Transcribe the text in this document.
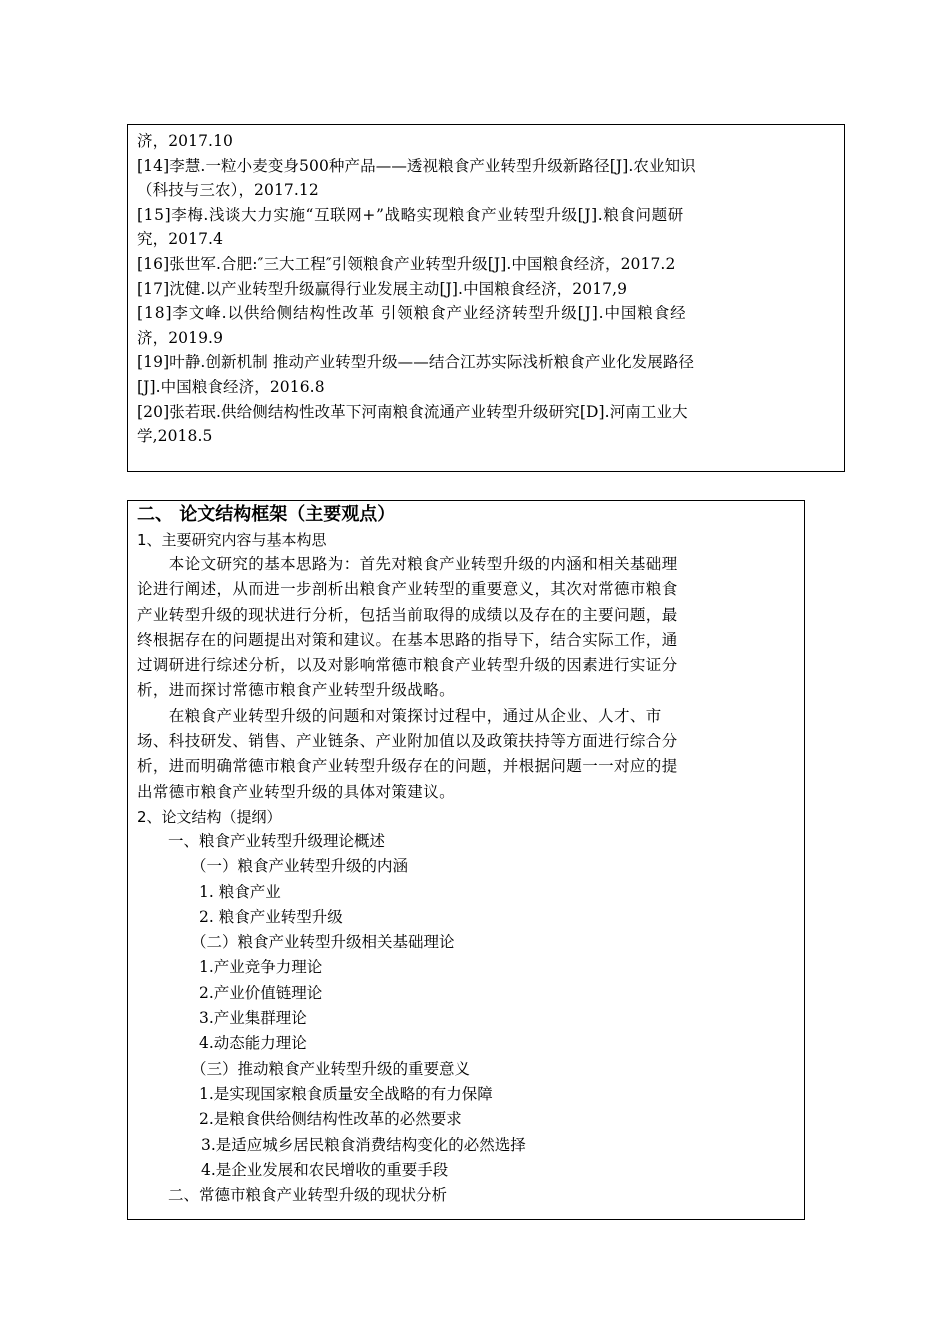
济，2017.10
[14]李慧.一粒小麦变身500种产品——透视粮食产业转型升级新路径[J].农业知识
（科技与三农），2017.12
[15]李梅.浅谈大力实施“互联网+”战略实现粮食产业转型升级[J].粮食问题研
究，2017.4
[16]张世军.合肥:″三大工程″引领粮食产业转型升级[J].中国粮食经济，2017.2
[17]沈健.以产业转型升级赢得行业发展主动[J].中国粮食经济，2017,9
[18]李文峰.以供给侧结构性改革 引领粮食产业经济转型升级[J].中国粮食经
济，2019.9
[19]叶静.创新机制 推动产业转型升级——结合江苏实际浅析粮食产业化发展路径
[J].中国粮食经济，2016.8
[20]张若珉.供给侧结构性改革下河南粮食流通产业转型升级研究[D].河南工业大
学,2018.5
二、 论文结构框架（主要观点）
1、主要研究内容与基本构思
　　本论文研究的基本思路为：首先对粮食产业转型升级的内涵和相关基础理
论进行阐述，从而进一步剖析出粮食产业转型的重要意义，其次对常德市粮食
产业转型升级的现状进行分析，包括当前取得的成绩以及存在的主要问题，最
终根据存在的问题提出对策和建议。在基本思路的指导下，结合实际工作，通
过调研进行综述分析，以及对影响常德市粮食产业转型升级的因素进行实证分
析，进而探讨常德市粮食产业转型升级战略。
　　在粮食产业转型升级的问题和对策探讨过程中，通过从企业、人才、市
场、科技研发、销售、产业链条、产业附加值以及政策扶持等方面进行综合分
析，进而明确常德市粮食产业转型升级存在的问题，并根据问题一一对应的提
出常德市粮食产业转型升级的具体对策建议。
2、论文结构（提纲）
一、粮食产业转型升级理论概述
（一）粮食产业转型升级的内涵
1. 粮食产业
2. 粮食产业转型升级
（二）粮食产业转型升级相关基础理论
1.产业竞争力理论
2.产业价值链理论
3.产业集群理论
4.动态能力理论
（三）推动粮食产业转型升级的重要意义
1.是实现国家粮食质量安全战略的有力保障
2.是粮食供给侧结构性改革的必然要求
3.是适应城乡居民粮食消费结构变化的必然选择
4.是企业发展和农民增收的重要手段
二、常德市粮食产业转型升级的现状分析
